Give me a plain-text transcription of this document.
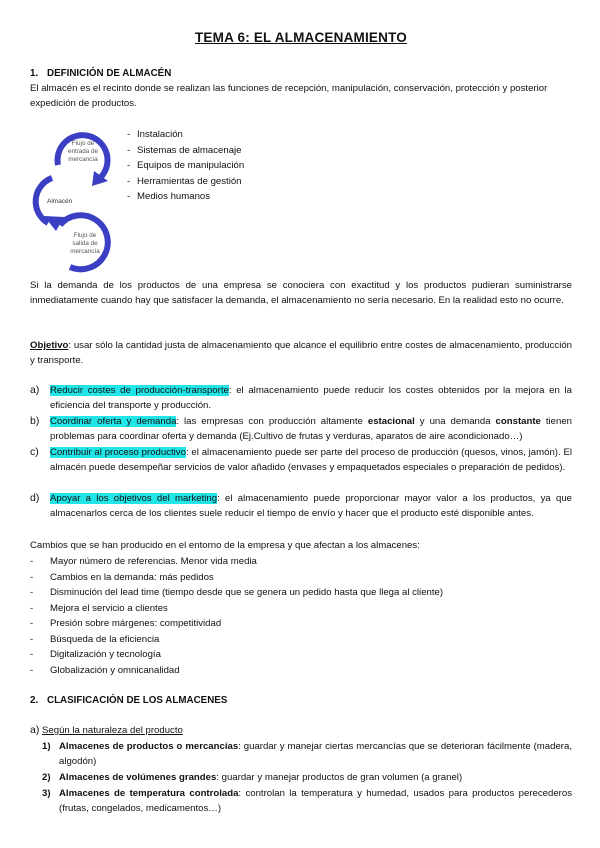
TEMA 6: EL ALMACENAMIENTO
1. DEFINICIÓN DE ALMACÉN
El almacén es el recinto donde se realizan las funciones de recepción, manipulación, conservación, protección y posterior expedición de productos.
Flujo de
entrada de
mercancía
Almacén
Flujo de
salida de
mercancía
- Instalación
- Sistemas de almacenaje
- Equipos de manipulación
- Herramientas de gestión
- Medios humanos
Si la demanda de los productos de una empresa se conociera con exactitud y los productos pudieran suministrarse inmediatamente cuando hay que satisfacer la demanda, el almacenamiento no sería necesario. En la realidad esto no ocurre.
Objetivo: usar sólo la cantidad justa de almacenamiento que alcance el equilibrio entre costes de almacenamiento, producción y transporte.
a) Reducir costes de producción-transporte: el almacenamiento puede reducir los costes obtenidos por la mejora en la eficiencia del transporte y producción.
b) Coordinar oferta y demanda: las empresas con producción altamente estacional y una demanda constante tienen problemas para coordinar oferta y demanda (Ej.Cultivo de frutas y verduras, aparatos de aire acondicionado…)
c) Contribuir al proceso productivo: el almacenamiento puede ser parte del proceso de producción (quesos, vinos, jamón). El almacén puede desempeñar servicios de valor añadido (envases y empaquetados especiales o preparación de pedidos).
d) Apoyar a los objetivos del marketing: el almacenamiento puede proporcionar mayor valor a los productos, ya que almacenarlos cerca de los clientes suele reducir el tiempo de envío y hacer que el producto esté disponible antes.
Cambios que se han producido en el entorno de la empresa y que afectan a los almacenes:
- Mayor número de referencias. Menor vida media
- Cambios en la demanda: más pedidos
- Disminución del lead time (tiempo desde que se genera un pedido hasta que llega al cliente)
- Mejora el servicio a clientes
- Presión sobre márgenes: competitividad
- Búsqueda de la eficiencia
- Digitalización y tecnología
- Globalización y omnicanalidad
2. CLASIFICACIÓN DE LOS ALMACENES
a) Según la naturaleza del producto
1) Almacenes de productos o mercancías: guardar y manejar ciertas mercancías que se deterioran fácilmente (madera, algodón)
2) Almacenes de volúmenes grandes: guardar y manejar productos de gran volumen (a granel)
3) Almacenes de temperatura controlada: controlan la temperatura y humedad, usados para productos perecederos (frutas, congelados, medicamentos…)
